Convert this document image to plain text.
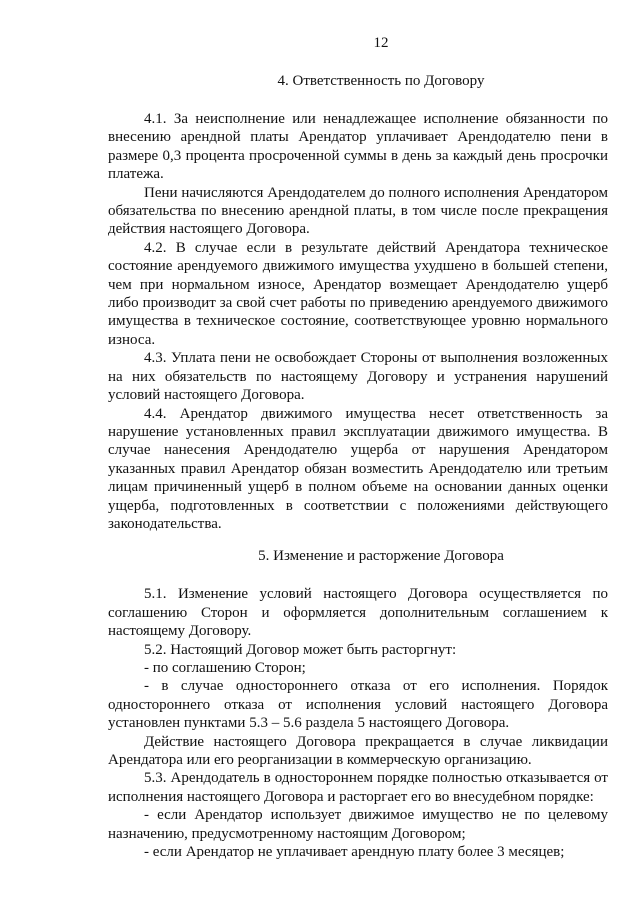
12
4. Ответственность по Договору

4.1. За неисполнение или ненадлежащее исполнение обязанности по внесению арендной платы Арендатор уплачивает Арендодателю пени в размере 0,3 процента просроченной суммы в день за каждый день просрочки платежа.

Пени начисляются Арендодателем до полного исполнения Арендатором обязательства по внесению арендной платы, в том числе после прекращения действия настоящего Договора.

4.2. В случае если в результате действий Арендатора техническое состояние арендуемого движимого имущества ухудшено в большей степени, чем при нормальном износе, Арендатор возмещает Арендодателю ущерб либо производит за свой счет работы по приведению арендуемого движимого имущества в техническое состояние, соответствующее уровню нормального износа.

4.3. Уплата пени не освобождает Стороны от выполнения возложенных на них обязательств по настоящему Договору и устранения нарушений условий настоящего Договора.

4.4. Арендатор движимого имущества несет ответственность за нарушение установленных правил эксплуатации движимого имущества. В случае нанесения Арендодателю ущерба от нарушения Арендатором указанных правил Арендатор обязан возместить Арендодателю или третьим лицам причиненный ущерб в полном объеме на основании данных оценки ущерба, подготовленных в соответствии с положениями действующего законодательства.

5. Изменение и расторжение Договора

5.1. Изменение условий настоящего Договора осуществляется по соглашению Сторон и оформляется дополнительным соглашением к настоящему Договору.

5.2. Настоящий Договор может быть расторгнут:

- по соглашению Сторон;

- в случае одностороннего отказа от его исполнения. Порядок одностороннего отказа от исполнения условий настоящего Договора установлен пунктами 5.3 – 5.6 раздела 5 настоящего Договора.

Действие настоящего Договора прекращается в случае ликвидации Арендатора или его реорганизации в коммерческую организацию.

5.3. Арендодатель в одностороннем порядке полностью отказывается от исполнения настоящего Договора и расторгает его во внесудебном порядке:

- если Арендатор использует движимое имущество не по целевому назначению, предусмотренному настоящим Договором;

- если Арендатор не уплачивает арендную плату более 3 месяцев;
